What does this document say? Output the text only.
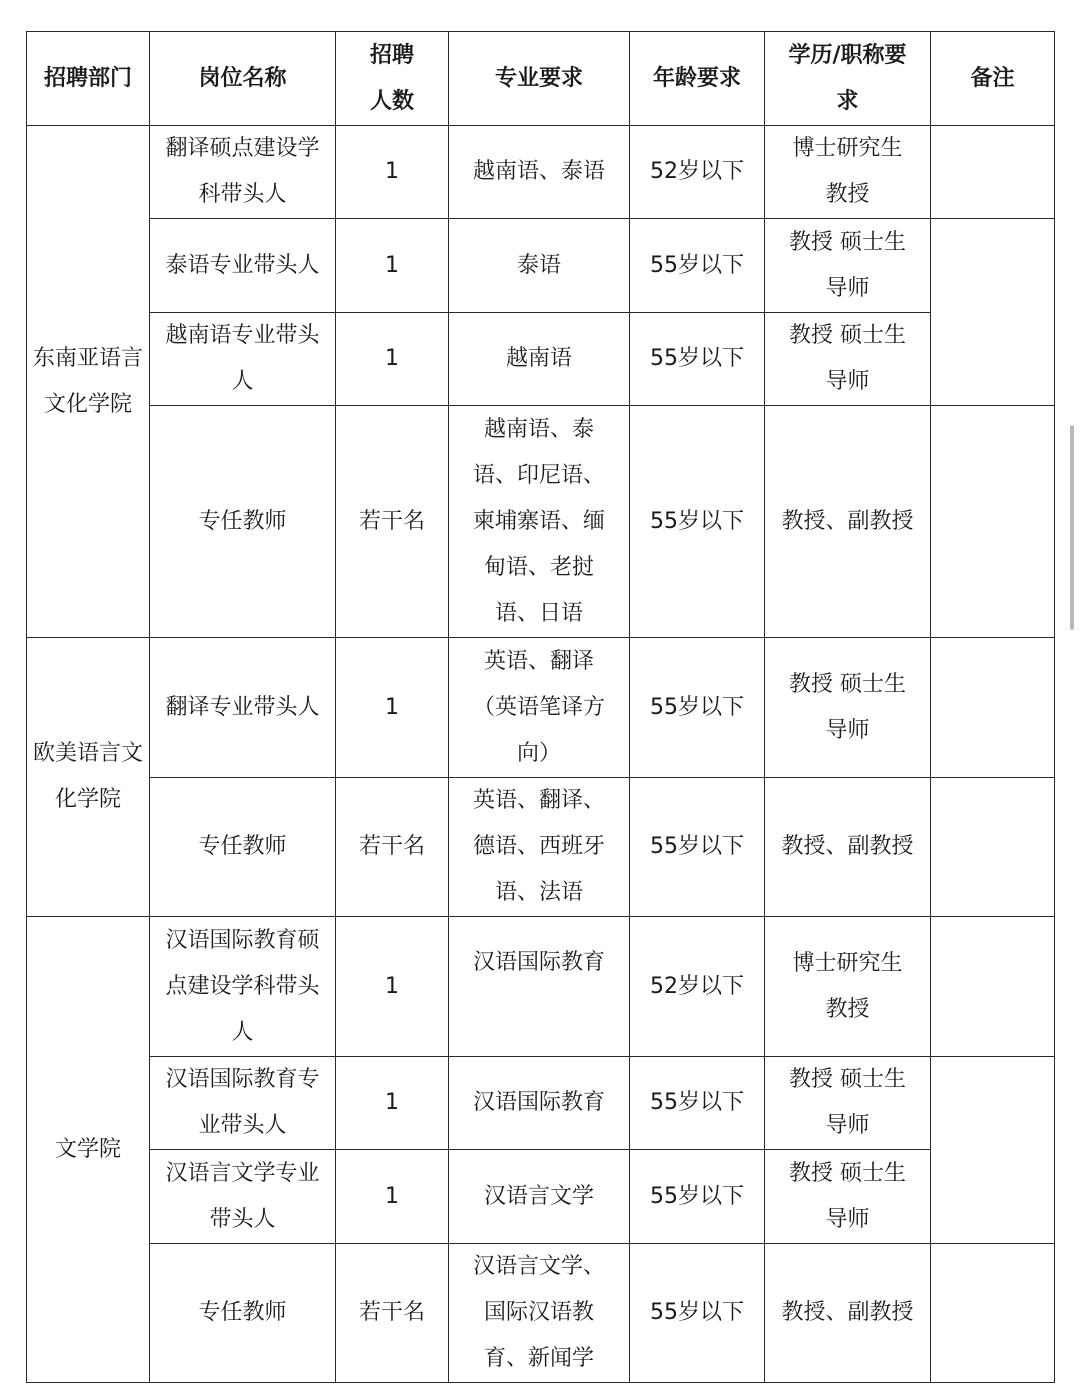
招聘部门	岗位名称	招聘人数	专业要求	年龄要求	学历/职称要求	备注
东南亚语言文化学院	翻译硕点建设学科带头人	1	越南语、泰语	52岁以下	博士研究生 教授	
	泰语专业带头人	1	泰语	55岁以下	教授 硕士生导师	
	越南语专业带头人	1	越南语	55岁以下	教授 硕士生导师	
	专任教师	若干名	越南语、泰语、印尼语、柬埔寨语、缅甸语、老挝语、日语	55岁以下	教授、副教授	
欧美语言文化学院	翻译专业带头人	1	英语、翻译（英语笔译方向）	55岁以下	教授 硕士生导师	
	专任教师	若干名	英语、翻译、德语、西班牙语、法语	55岁以下	教授、副教授	
文学院	汉语国际教育硕点建设学科带头人	1	汉语国际教育	52岁以下	博士研究生 教授	
	汉语国际教育专业带头人	1	汉语国际教育	55岁以下	教授 硕士生导师	
	汉语言文学专业带头人	1	汉语言文学	55岁以下	教授 硕士生导师	
	专任教师	若干名	汉语言文学、国际汉语教育、新闻学	55岁以下	教授、副教授	
